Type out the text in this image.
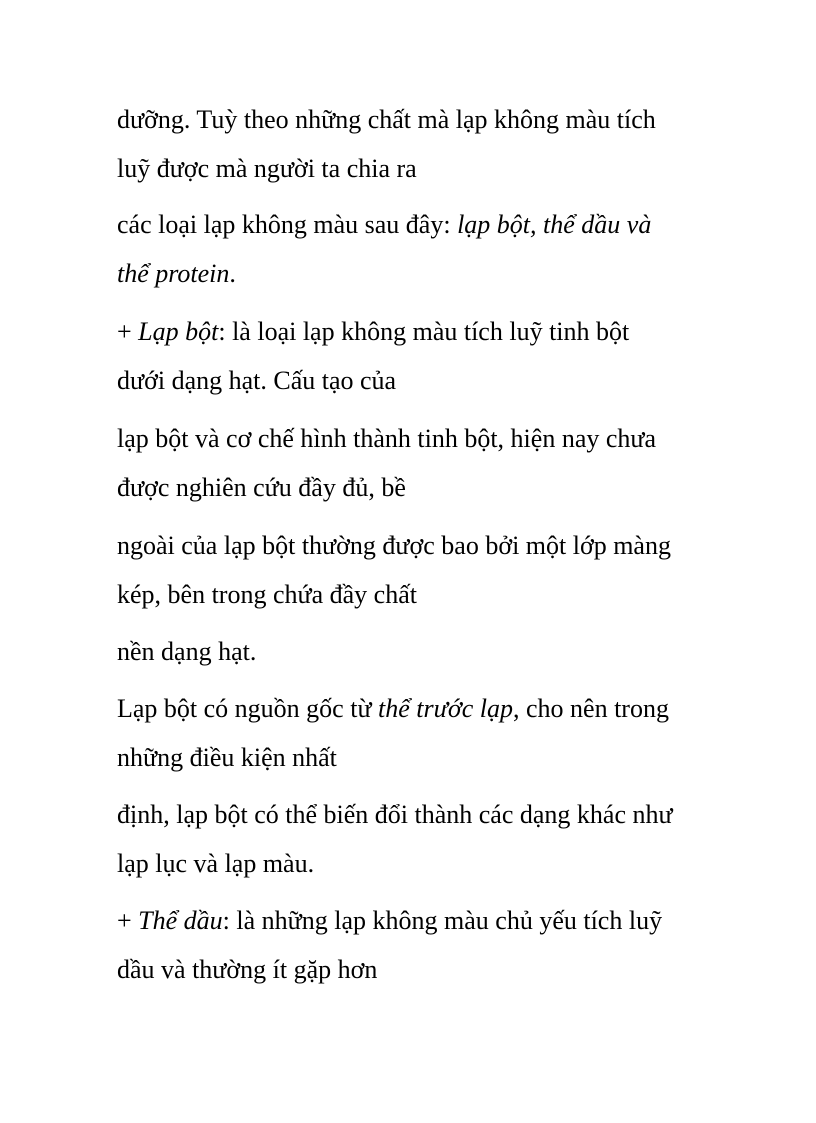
dưỡng. Tuỳ theo những chất mà lạp không màu tích
luỹ được mà người ta chia ra

các loại lạp không màu sau đây: lạp bột, thể dầu và
thể protein.

+ Lạp bột: là loại lạp không màu tích luỹ tinh bột
dưới dạng hạt. Cấu tạo của

lạp bột và cơ chế hình thành tinh bột, hiện nay chưa
được nghiên cứu đầy đủ, bề

ngoài của lạp bột thường được bao bởi một lớp màng
kép, bên trong chứa đầy chất

nền dạng hạt.

Lạp bột có nguồn gốc từ thể trước lạp, cho nên trong
những điều kiện nhất

định, lạp bột có thể biến đổi thành các dạng khác như
lạp lục và lạp màu.

+ Thể dầu: là những lạp không màu chủ yếu tích luỹ
dầu và thường ít gặp hơn
